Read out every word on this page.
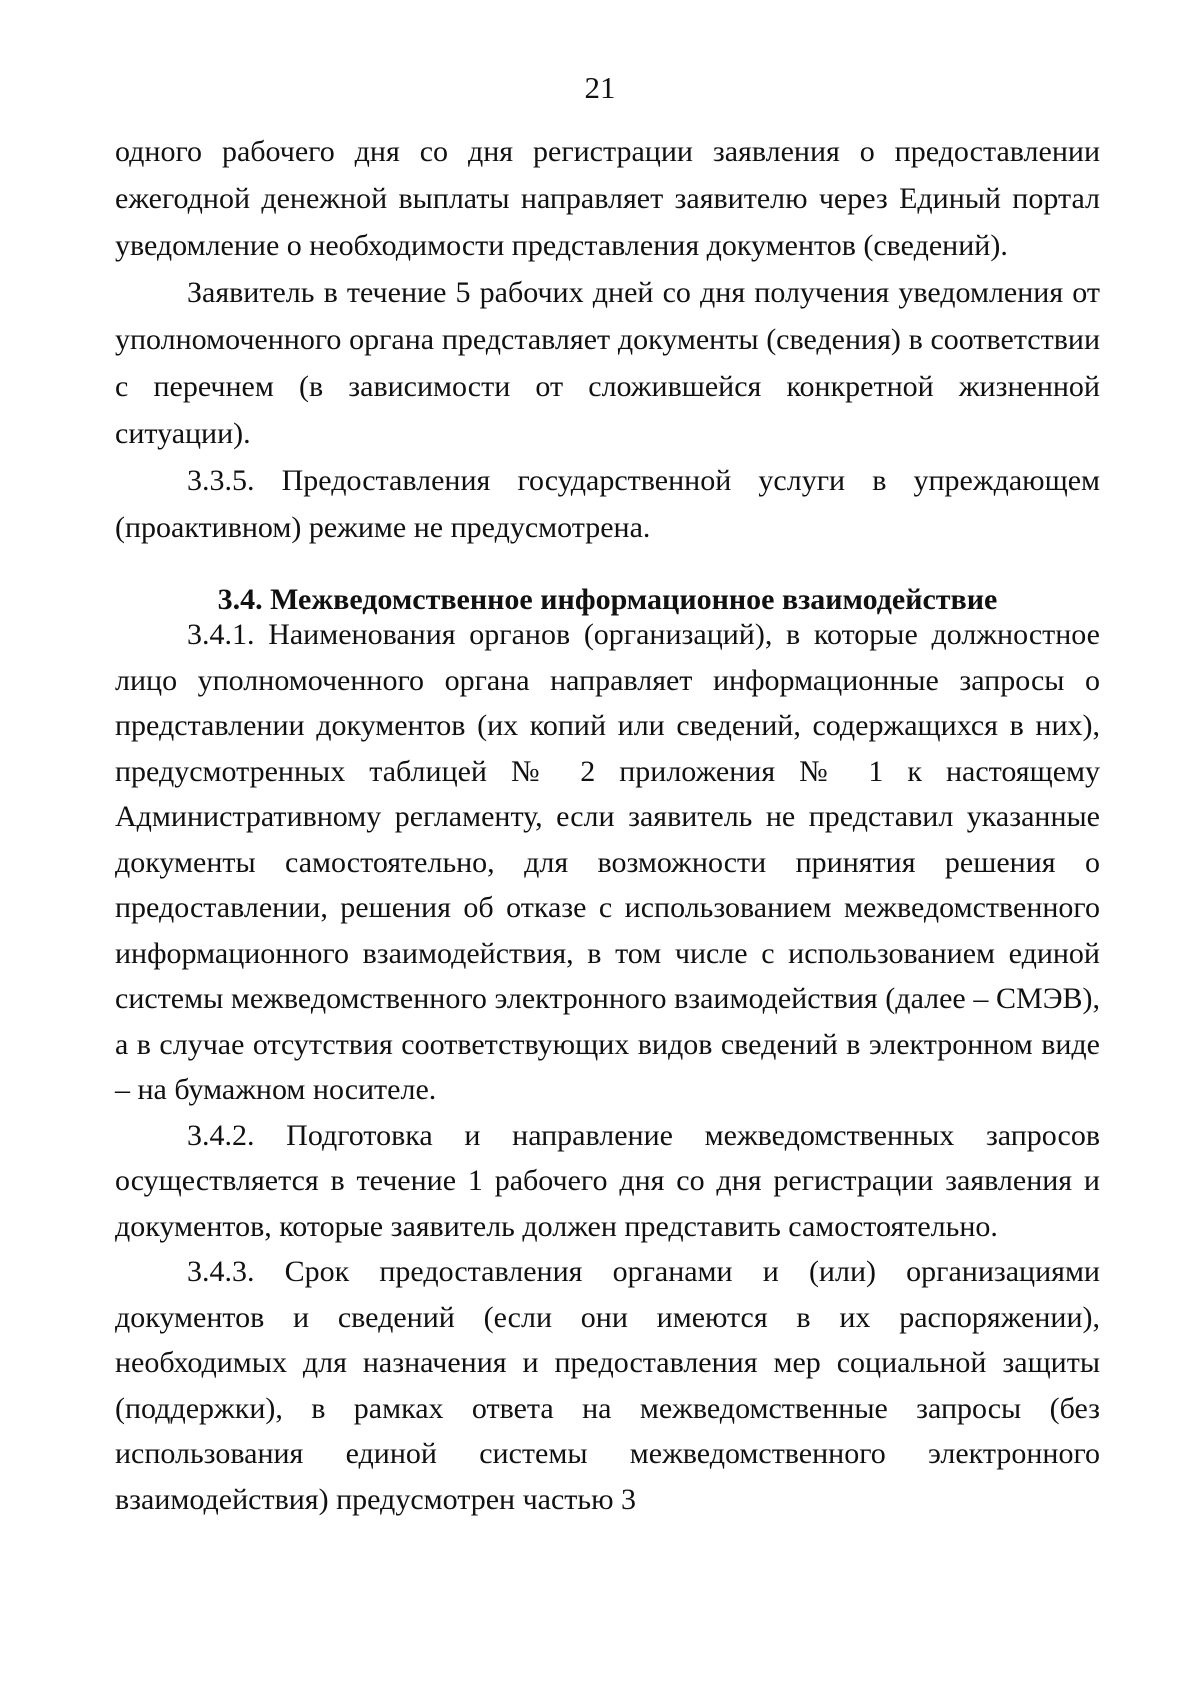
21

одного рабочего дня со дня регистрации заявления о предоставлении ежегодной денежной выплаты направляет заявителю через Единый портал уведомление о необходимости представления документов (сведений).

Заявитель в течение 5 рабочих дней со дня получения уведомления от уполномоченного органа представляет документы (сведения) в соответствии с перечнем (в зависимости от сложившейся конкретной жизненной ситуации).

3.3.5. Предоставления государственной услуги в упреждающем (проактивном) режиме не предусмотрена.

3.4. Межведомственное информационное взаимодействие

3.4.1. Наименования органов (организаций), в которые должностное лицо уполномоченного органа направляет информационные запросы о представлении документов (их копий или сведений, содержащихся в них), предусмотренных таблицей № 2 приложения № 1 к настоящему Административному регламенту, если заявитель не представил указанные документы самостоятельно, для возможности принятия решения о предоставлении, решения об отказе с использованием межведомственного информационного взаимодействия, в том числе с использованием единой системы межведомственного электронного взаимодействия (далее – СМЭВ), а в случае отсутствия соответствующих видов сведений в электронном виде – на бумажном носителе.

3.4.2. Подготовка и направление межведомственных запросов осуществляется в течение 1 рабочего дня со дня регистрации заявления и документов, которые заявитель должен представить самостоятельно.

3.4.3. Срок предоставления органами и (или) организациями документов и сведений (если они имеются в их распоряжении), необходимых для назначения и предоставления мер социальной защиты (поддержки), в рамках ответа на межведомственные запросы (без использования единой системы межведомственного электронного взаимодействия) предусмотрен частью 3
